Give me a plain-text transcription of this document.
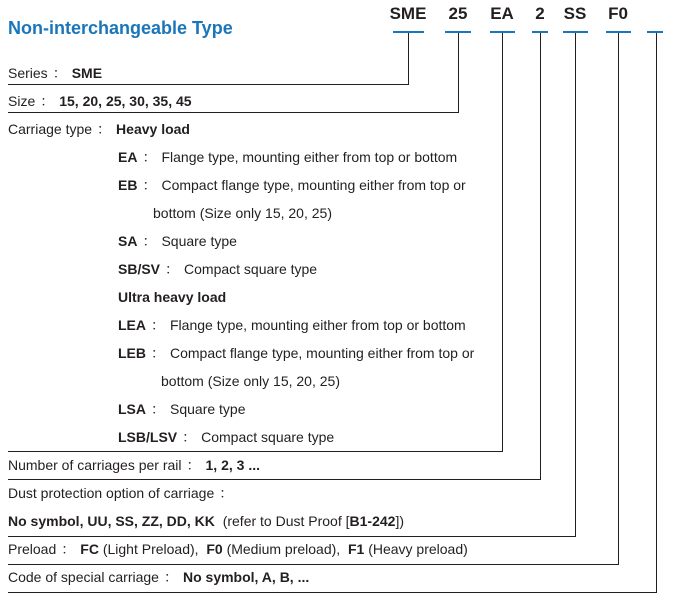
Non-interchangeable Type
SME 25 EA 2 SS F0
Series ： SME
Size ： 15, 20, 25, 30, 35, 45
Carriage type ： Heavy load
EA ： Flange type, mounting either from top or bottom
EB ： Compact flange type, mounting either from top or
bottom (Size only 15, 20, 25)
SA ： Square type
SB/SV ： Compact square type
Ultra heavy load
LEA ： Flange type, mounting either from top or bottom
LEB ： Compact flange type, mounting either from top or
bottom (Size only 15, 20, 25)
LSA ： Square type
LSB/LSV ： Compact square type
Number of carriages per rail ： 1, 2, 3 ...
Dust protection option of carriage ：
No symbol, UU, SS, ZZ, DD, KK (refer to Dust Proof [B1-242])
Preload ： FC (Light Preload), F0 (Medium preload), F1 (Heavy preload)
Code of special carriage ： No symbol, A, B, ...
